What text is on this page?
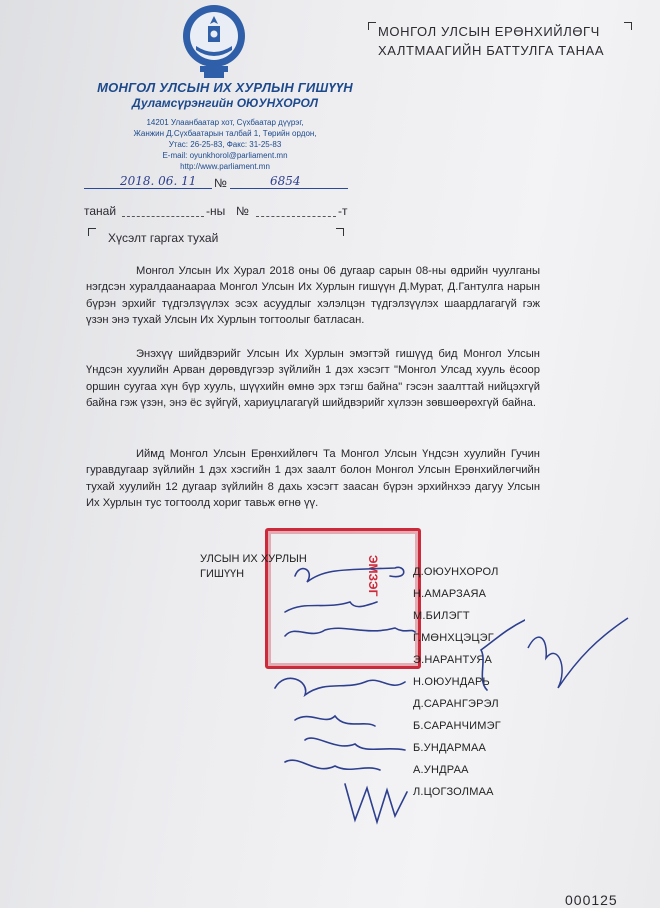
МОНГОЛ УЛСЫН ИХ ХУРЛЫН ГИШҮҮН
Дуламсүрэнгийн ОЮУНХОРОЛ
14201 Улаанбаатар хот, Сүхбаатар дүүрэг,
Жанжин Д.Сүхбаатарын талбай 1, Төрийн ордон,
Утас: 26-25-83, Факс: 31-25-83
E-mail: oyunkhorol@parliament.mn
http://www.parliament.mn
МОНГОЛ УЛСЫН ЕРӨНХИЙЛӨГЧ
ХАЛТМААГИЙН БАТТУЛГА ТАНАА
2018. 06. 11 №	6854
танай	-ны №	-т
Хүсэлт гаргах тухай
Монгол Улсын Их Хурал 2018 оны 06 дугаар сарын 08-ны өдрийн чуулганы нэгдсэн хуралдаанаараа Монгол Улсын Их Хурлын гишүүн Д.Мурат, Д.Гантулга нарын бүрэн эрхийг түдгэлзүүлэх эсэх асуудлыг хэлэлцэн түдгэлзүүлэх шаардлагагүй гэж үзэн энэ тухай Улсын Их Хурлын тогтоолыг батласан.
Энэхүү шийдвэрийг Улсын Их Хурлын эмэгтэй гишүүд бид Монгол Улсын Үндсэн хуулийн Арван дөрөвдүгээр зүйлийн 1 дэх хэсэгт "Монгол Улсад хууль ёсоор оршин суугаа хүн бүр хууль, шүүхийн өмнө эрх тэгш байна" гэсэн заалттай нийцэхгүй байна гэж үзэн, энэ ёс зүйгүй, хариуцлагагүй шийдвэрийг хүлээн зөвшөөрөхгүй байна.
Иймд Монгол Улсын Ерөнхийлөгч Та Монгол Улсын Үндсэн хуулийн Гучин гуравдугаар зүйлийн 1 дэх хэсгийн 1 дэх заалт болон Монгол Улсын Ерөнхийлөгчийн тухай хуулийн 12 дугаар зүйлийн 8 дахь хэсэгт заасан бүрэн эрхийнхээ дагуу Улсын Их Хурлын тус тогтоолд хориг тавьж өгнө үү.
ЭМЗЭГ
УЛСЫН ИХ ХУРЛЫН
ГИШҮҮН	Д.ОЮУНХОРОЛ
Н.АМАРЗАЯА
М.БИЛЭГТ
Г.МӨНХЦЭЦЭГ
Э.НАРАНТУЯА
Н.ОЮУНДАРЬ
Д.САРАНГЭРЭЛ
Б.САРАНЧИМЭГ
Б.УНДАРМАА
А.УНДРАА
Л.ЦОГЗОЛМАА
000125
